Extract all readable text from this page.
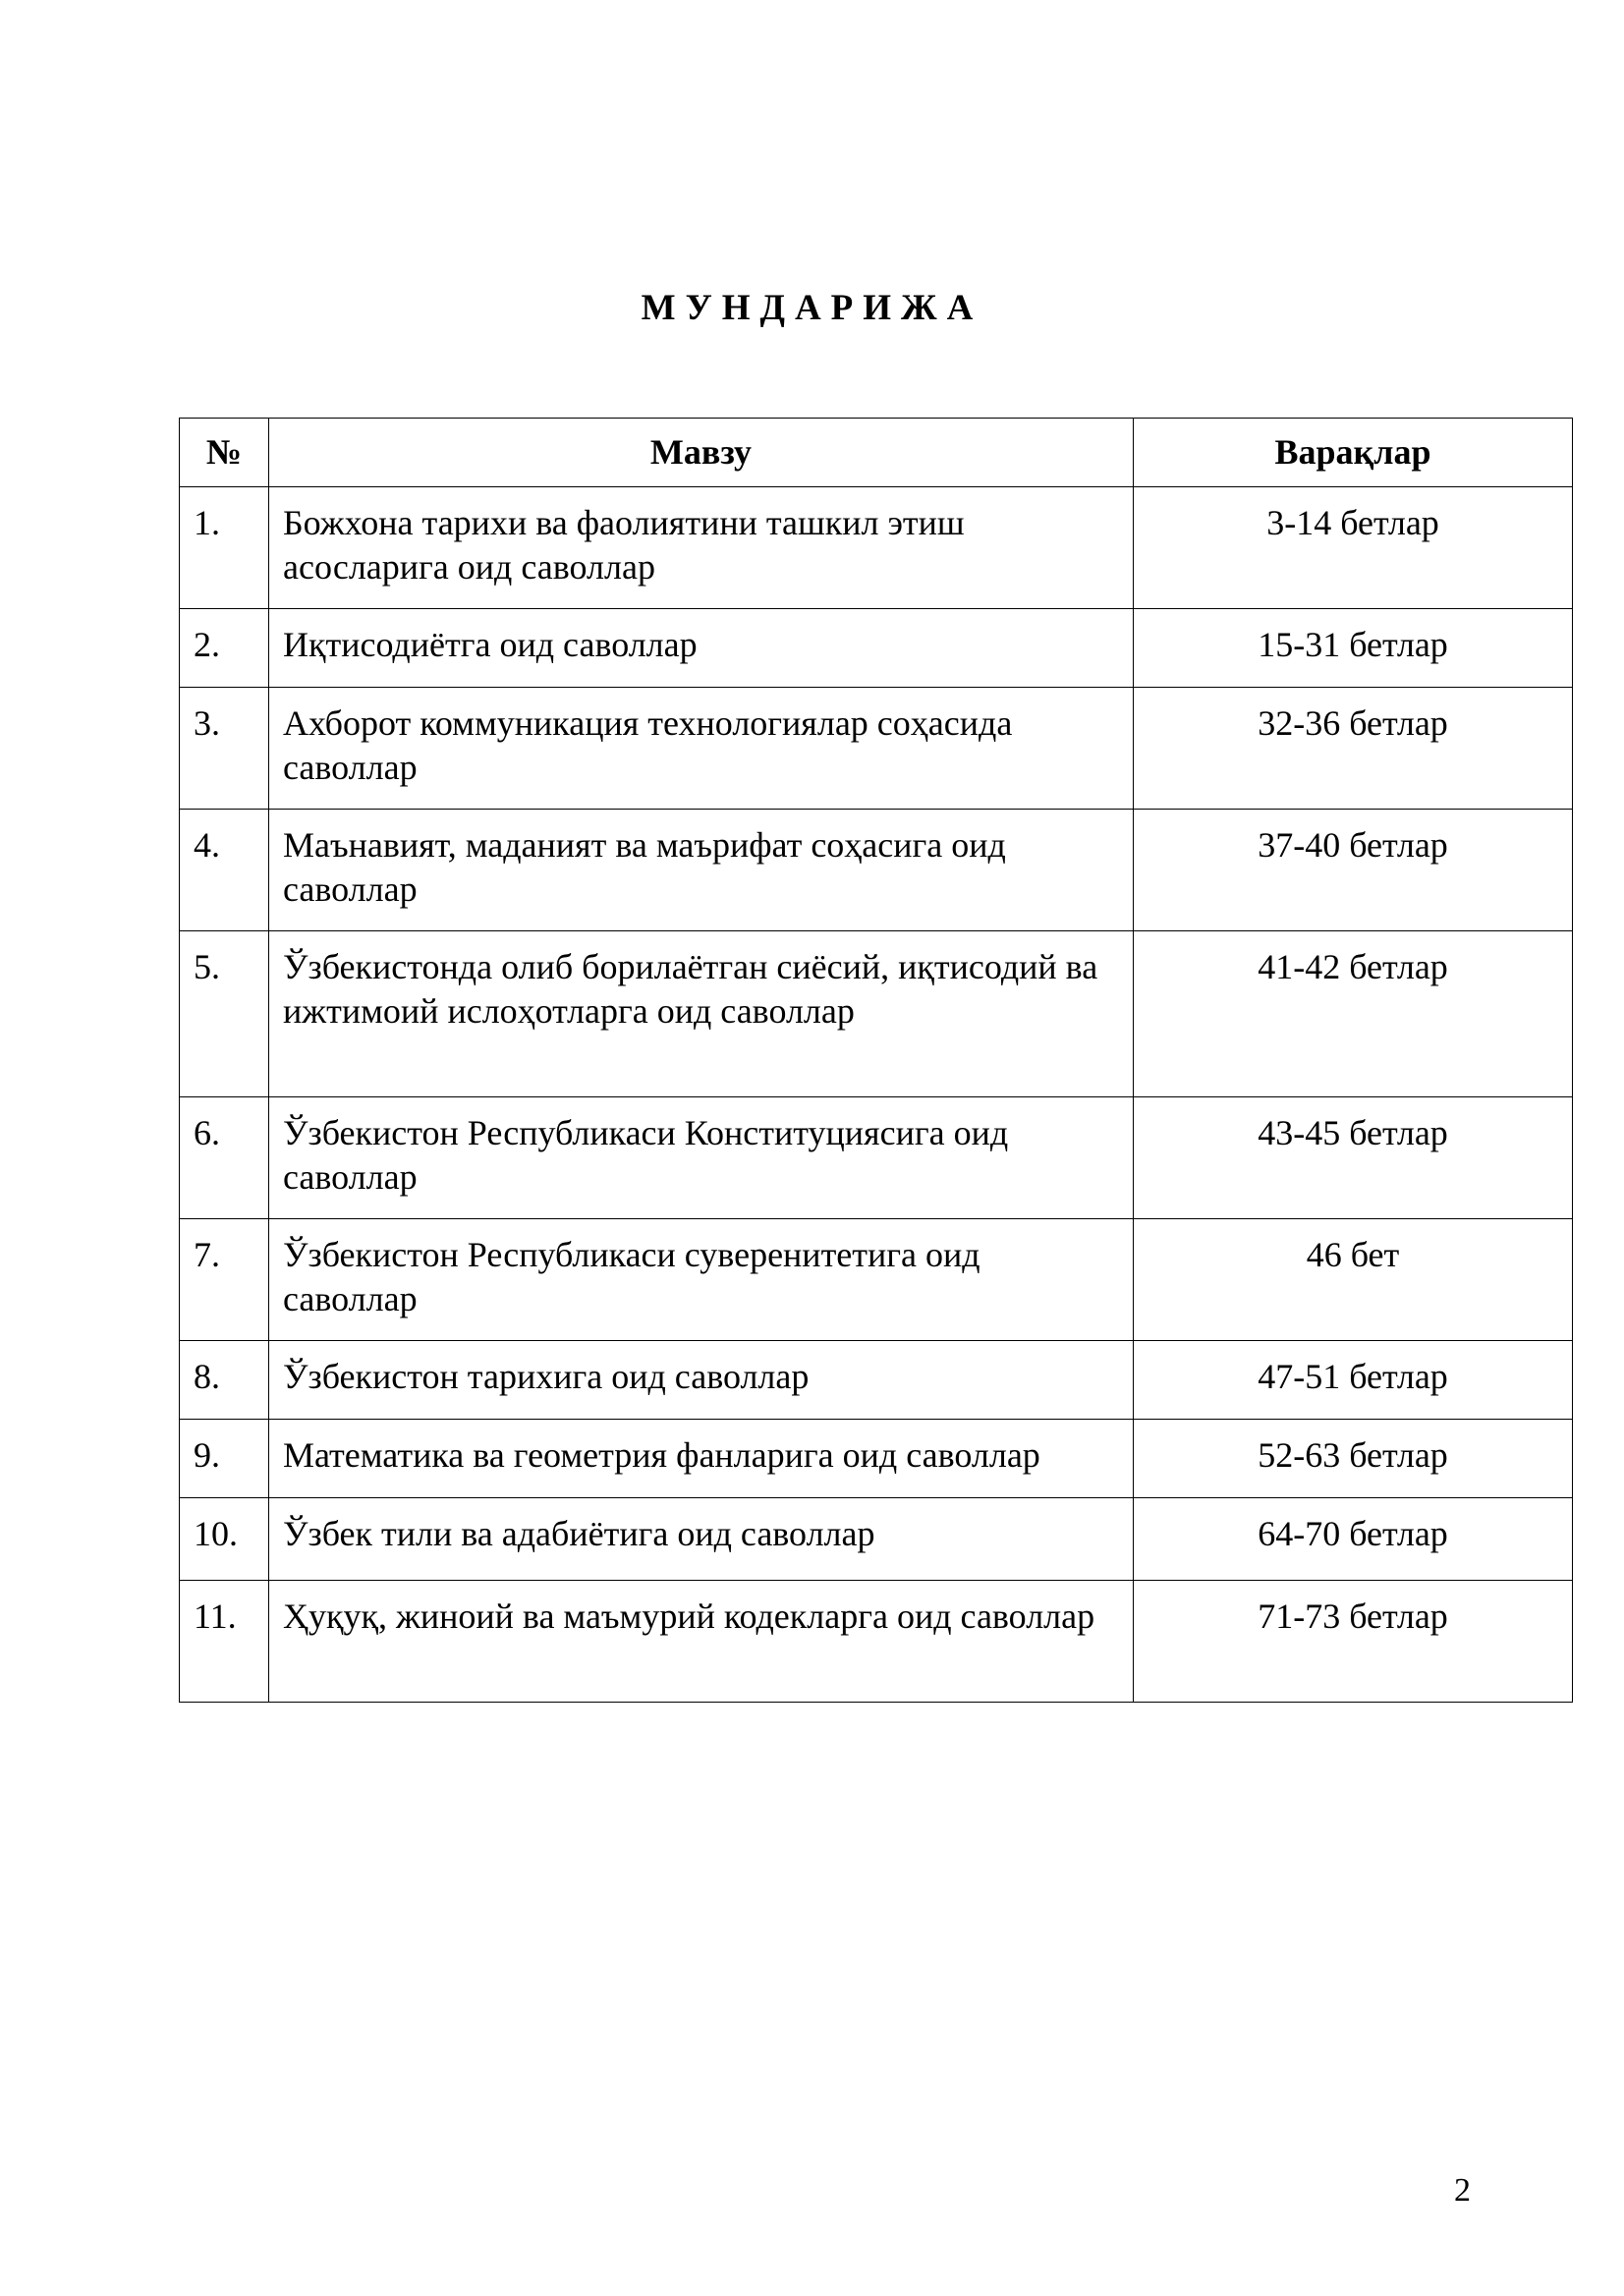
МУНДАРИЖА
№	Мавзу	Варақлар
1.	Божхона тарихи ва фаолиятини ташкил этиш асосларига оид саволлар	3-14 бетлар
2.	Иқтисодиётга оид саволлар	15-31 бетлар
3.	Ахборот коммуникация технологиялар соҳасида саволлар	32-36 бетлар
4.	Маънавият, маданият ва маърифат соҳасига оид саволлар	37-40 бетлар
5.	Ўзбекистонда олиб борилаётган сиёсий, иқтисодий ва ижтимоий ислоҳотларга оид саволлар	41-42 бетлар
6.	Ўзбекистон Республикаси Конституциясига оид саволлар	43-45 бетлар
7.	Ўзбекистон Республикаси суверенитетига оид саволлар	46 бет
8.	Ўзбекистон тарихига оид саволлар	47-51 бетлар
9.	Математика ва геометрия фанларига оид саволлар	52-63 бетлар
10.	Ўзбек тили ва адабиётига оид саволлар	64-70 бетлар
11.	Ҳуқуқ, жиноий ва маъмурий кодекларга оид саволлар	71-73 бетлар
2
